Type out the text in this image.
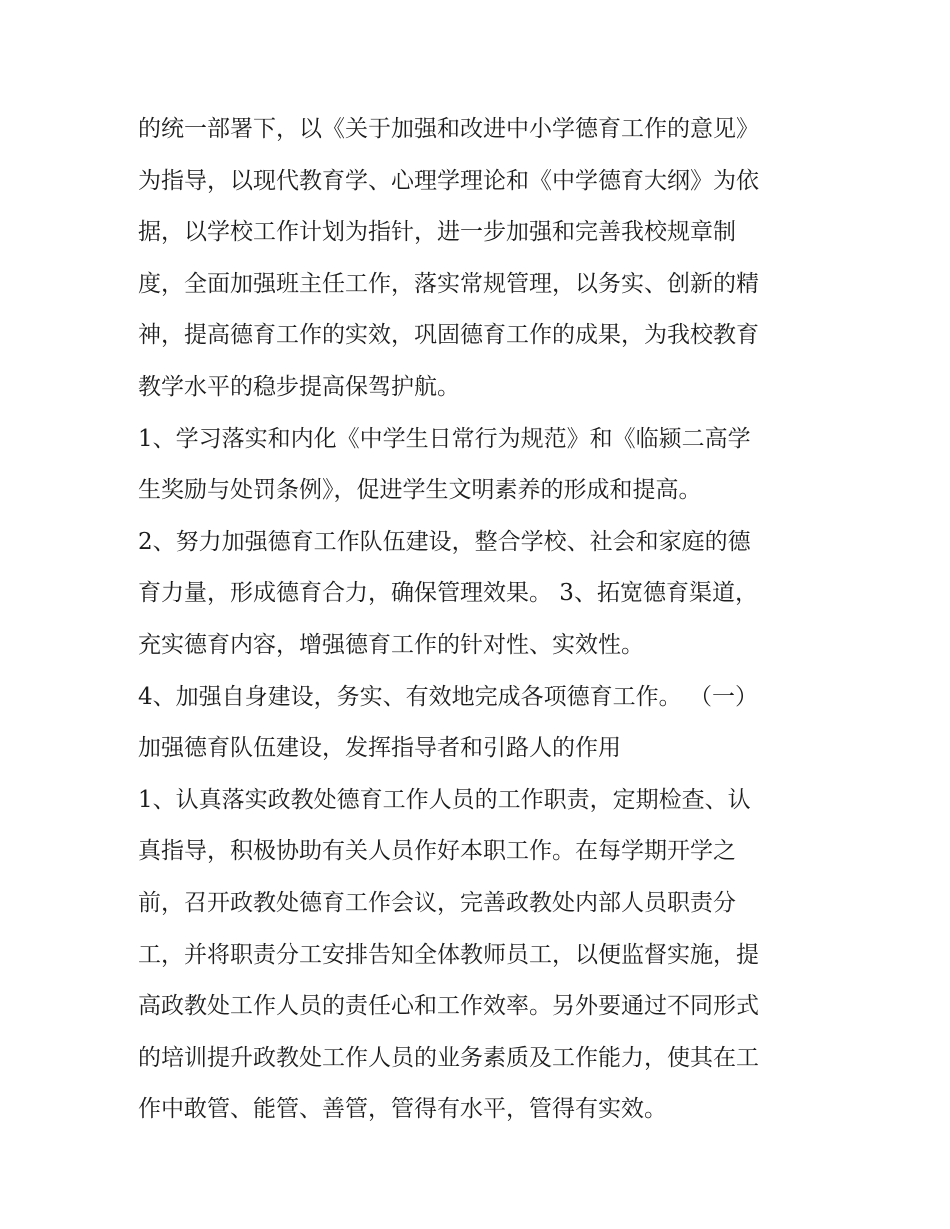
的统一部署下，以《关于加强和改进中小学德育工作的意见》
为指导，以现代教育学、心理学理论和《中学德育大纲》为依
据，以学校工作计划为指针，进一步加强和完善我校规章制
度，全面加强班主任工作，落实常规管理，以务实、创新的精
神，提高德育工作的实效，巩固德育工作的成果，为我校教育
教学水平的稳步提高保驾护航。
1、学习落实和内化《中学生日常行为规范》和《临颍二高学
生奖励与处罚条例》，促进学生文明素养的形成和提高。
2、努力加强德育工作队伍建设，整合学校、社会和家庭的德
育力量，形成德育合力，确保管理效果。 3、拓宽德育渠道，
充实德育内容，增强德育工作的针对性、实效性。
4、加强自身建设，务实、有效地完成各项德育工作。 （一）
加强德育队伍建设，发挥指导者和引路人的作用
1、认真落实政教处德育工作人员的工作职责，定期检查、认
真指导，积极协助有关人员作好本职工作。在每学期开学之
前，召开政教处德育工作会议，完善政教处内部人员职责分
工，并将职责分工安排告知全体教师员工，以便监督实施，提
高政教处工作人员的责任心和工作效率。另外要通过不同形式
的培训提升政教处工作人员的业务素质及工作能力，使其在工
作中敢管、能管、善管，管得有水平，管得有实效。
